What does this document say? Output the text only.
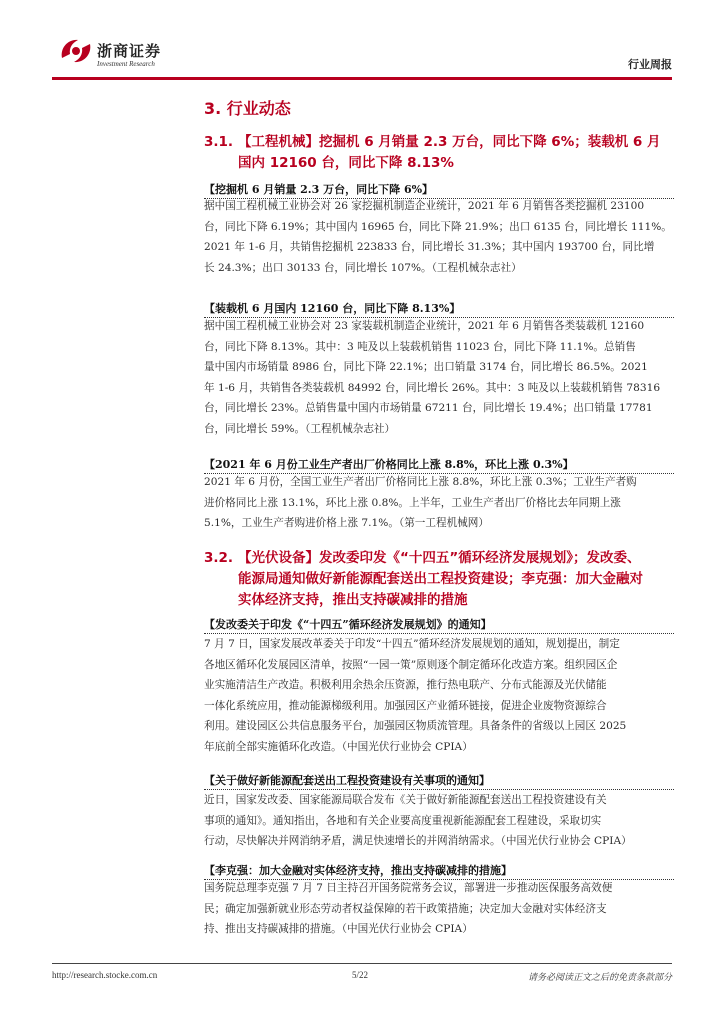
浙商证券
Investment Research	行业周报
3. 行业动态
3.1. 【工程机械】挖掘机 6 月销量 2.3 万台，同比下降 6%；装载机 6 月
国内 12160 台，同比下降 8.13%
【挖掘机 6 月销量 2.3 万台，同比下降 6%】
据中国工程机械工业协会对 26 家挖掘机制造企业统计，2021 年 6 月销售各类挖掘机 23100
台，同比下降 6.19%；其中国内 16965 台，同比下降 21.9%；出口 6135 台，同比增长 111%。
2021 年 1-6 月，共销售挖掘机 223833 台，同比增长 31.3%；其中国内 193700 台，同比增
长 24.3%；出口 30133 台，同比增长 107%。（工程机械杂志社）
【装载机 6 月国内 12160 台，同比下降 8.13%】
据中国工程机械工业协会对 23 家装载机制造企业统计，2021 年 6 月销售各类装载机 12160
台，同比下降 8.13%。其中：3 吨及以上装载机销售 11023 台，同比下降 11.1%。总销售
量中国内市场销量 8986 台，同比下降 22.1%；出口销量 3174 台，同比增长 86.5%。2021
年 1-6 月，共销售各类装载机 84992 台，同比增长 26%。其中：3 吨及以上装载机销售 78316
台，同比增长 23%。总销售量中国内市场销量 67211 台，同比增长 19.4%；出口销量 17781
台，同比增长 59%。（工程机械杂志社）
【2021 年 6 月份工业生产者出厂价格同比上涨 8.8%，环比上涨 0.3%】
2021 年 6 月份，全国工业生产者出厂价格同比上涨 8.8%，环比上涨 0.3%；工业生产者购
进价格同比上涨 13.1%，环比上涨 0.8%。上半年，工业生产者出厂价格比去年同期上涨
5.1%，工业生产者购进价格上涨 7.1%。（第一工程机械网）
3.2. 【光伏设备】发改委印发《“十四五”循环经济发展规划》；发改委、
能源局通知做好新能源配套送出工程投资建设；李克强：加大金融对
实体经济支持，推出支持碳减排的措施
【发改委关于印发《“十四五”循环经济发展规划》的通知】
7 月 7 日，国家发展改革委关于印发“十四五”循环经济发展规划的通知，规划提出，制定
各地区循环化发展园区清单，按照“一园一策”原则逐个制定循环化改造方案。组织园区企
业实施清洁生产改造。积极利用余热余压资源，推行热电联产、分布式能源及光伏储能
一体化系统应用，推动能源梯级利用。加强园区产业循环链接，促进企业废物资源综合
利用。建设园区公共信息服务平台，加强园区物质流管理。具备条件的省级以上园区 2025
年底前全部实施循环化改造。（中国光伏行业协会 CPIA）
【关于做好新能源配套送出工程投资建设有关事项的通知】
近日，国家发改委、国家能源局联合发布《关于做好新能源配套送出工程投资建设有关
事项的通知》。通知指出，各地和有关企业要高度重视新能源配套工程建设，采取切实
行动，尽快解决并网消纳矛盾，满足快速增长的并网消纳需求。（中国光伏行业协会 CPIA）
【李克强：加大金融对实体经济支持，推出支持碳减排的措施】
国务院总理李克强 7 月 7 日主持召开国务院常务会议，部署进一步推动医保服务高效便
民；确定加强新就业形态劳动者权益保障的若干政策措施；决定加大金融对实体经济支
持、推出支持碳减排的措施。（中国光伏行业协会 CPIA）
http://research.stocke.com.cn	5/22	请务必阅读正文之后的免责条款部分
